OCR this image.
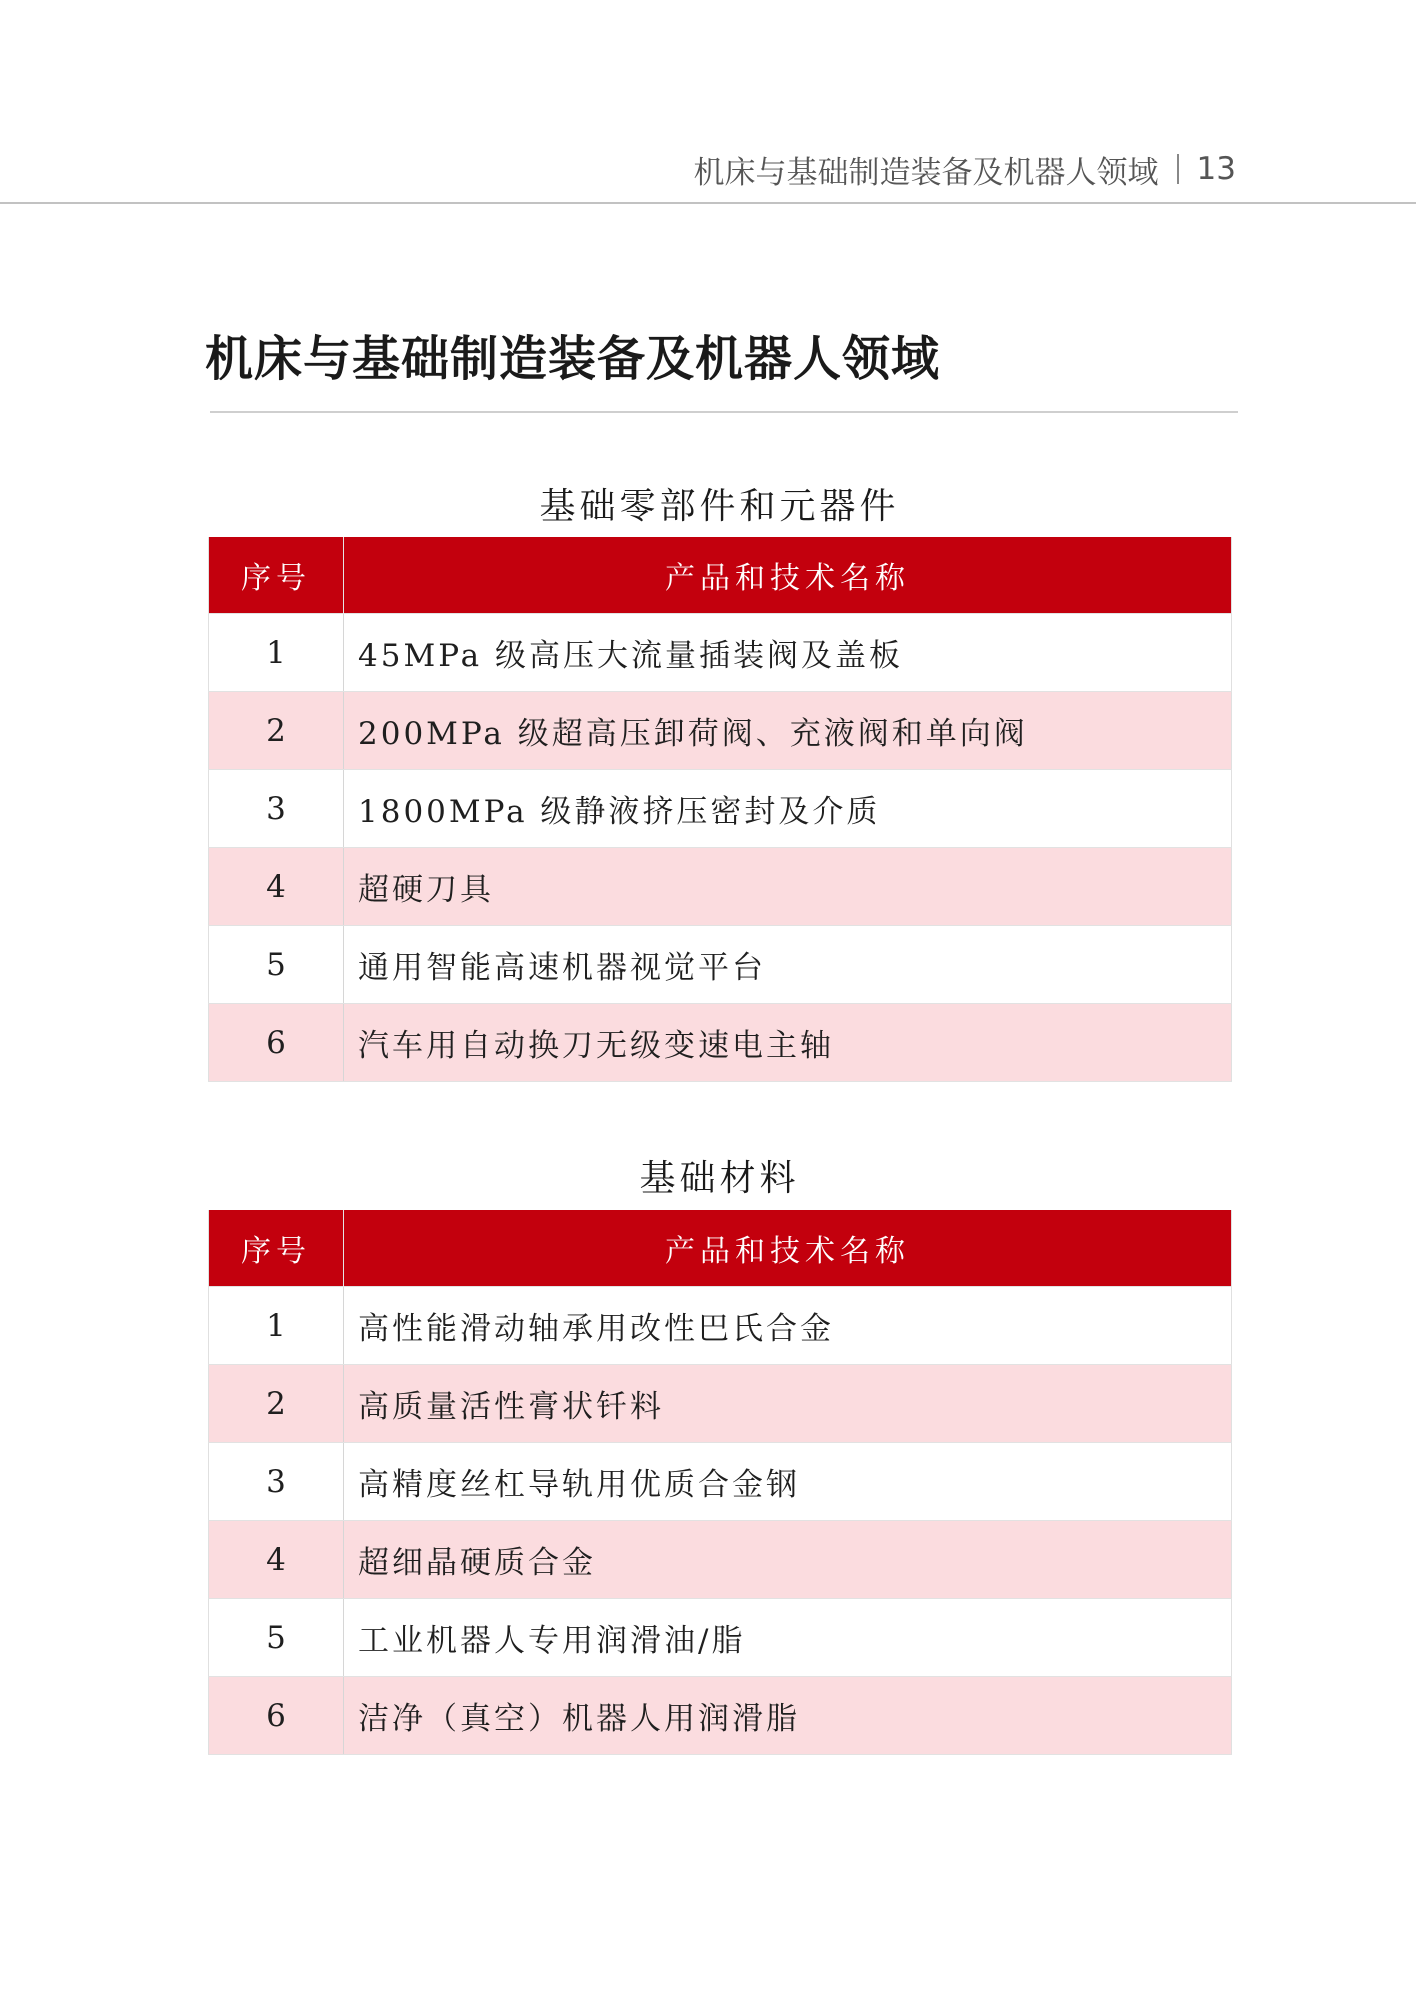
机床与基础制造装备及机器人领域 13
机床与基础制造装备及机器人领域
基础零部件和元器件
序号	产品和技术名称
1	45MPa 级高压大流量插装阀及盖板
2	200MPa 级超高压卸荷阀、充液阀和单向阀
3	1800MPa 级静液挤压密封及介质
4	超硬刀具
5	通用智能高速机器视觉平台
6	汽车用自动换刀无级变速电主轴
基础材料
序号	产品和技术名称
1	高性能滑动轴承用改性巴氏合金
2	高质量活性膏状钎料
3	高精度丝杠导轨用优质合金钢
4	超细晶硬质合金
5	工业机器人专用润滑油/脂
6	洁净（真空）机器人用润滑脂
